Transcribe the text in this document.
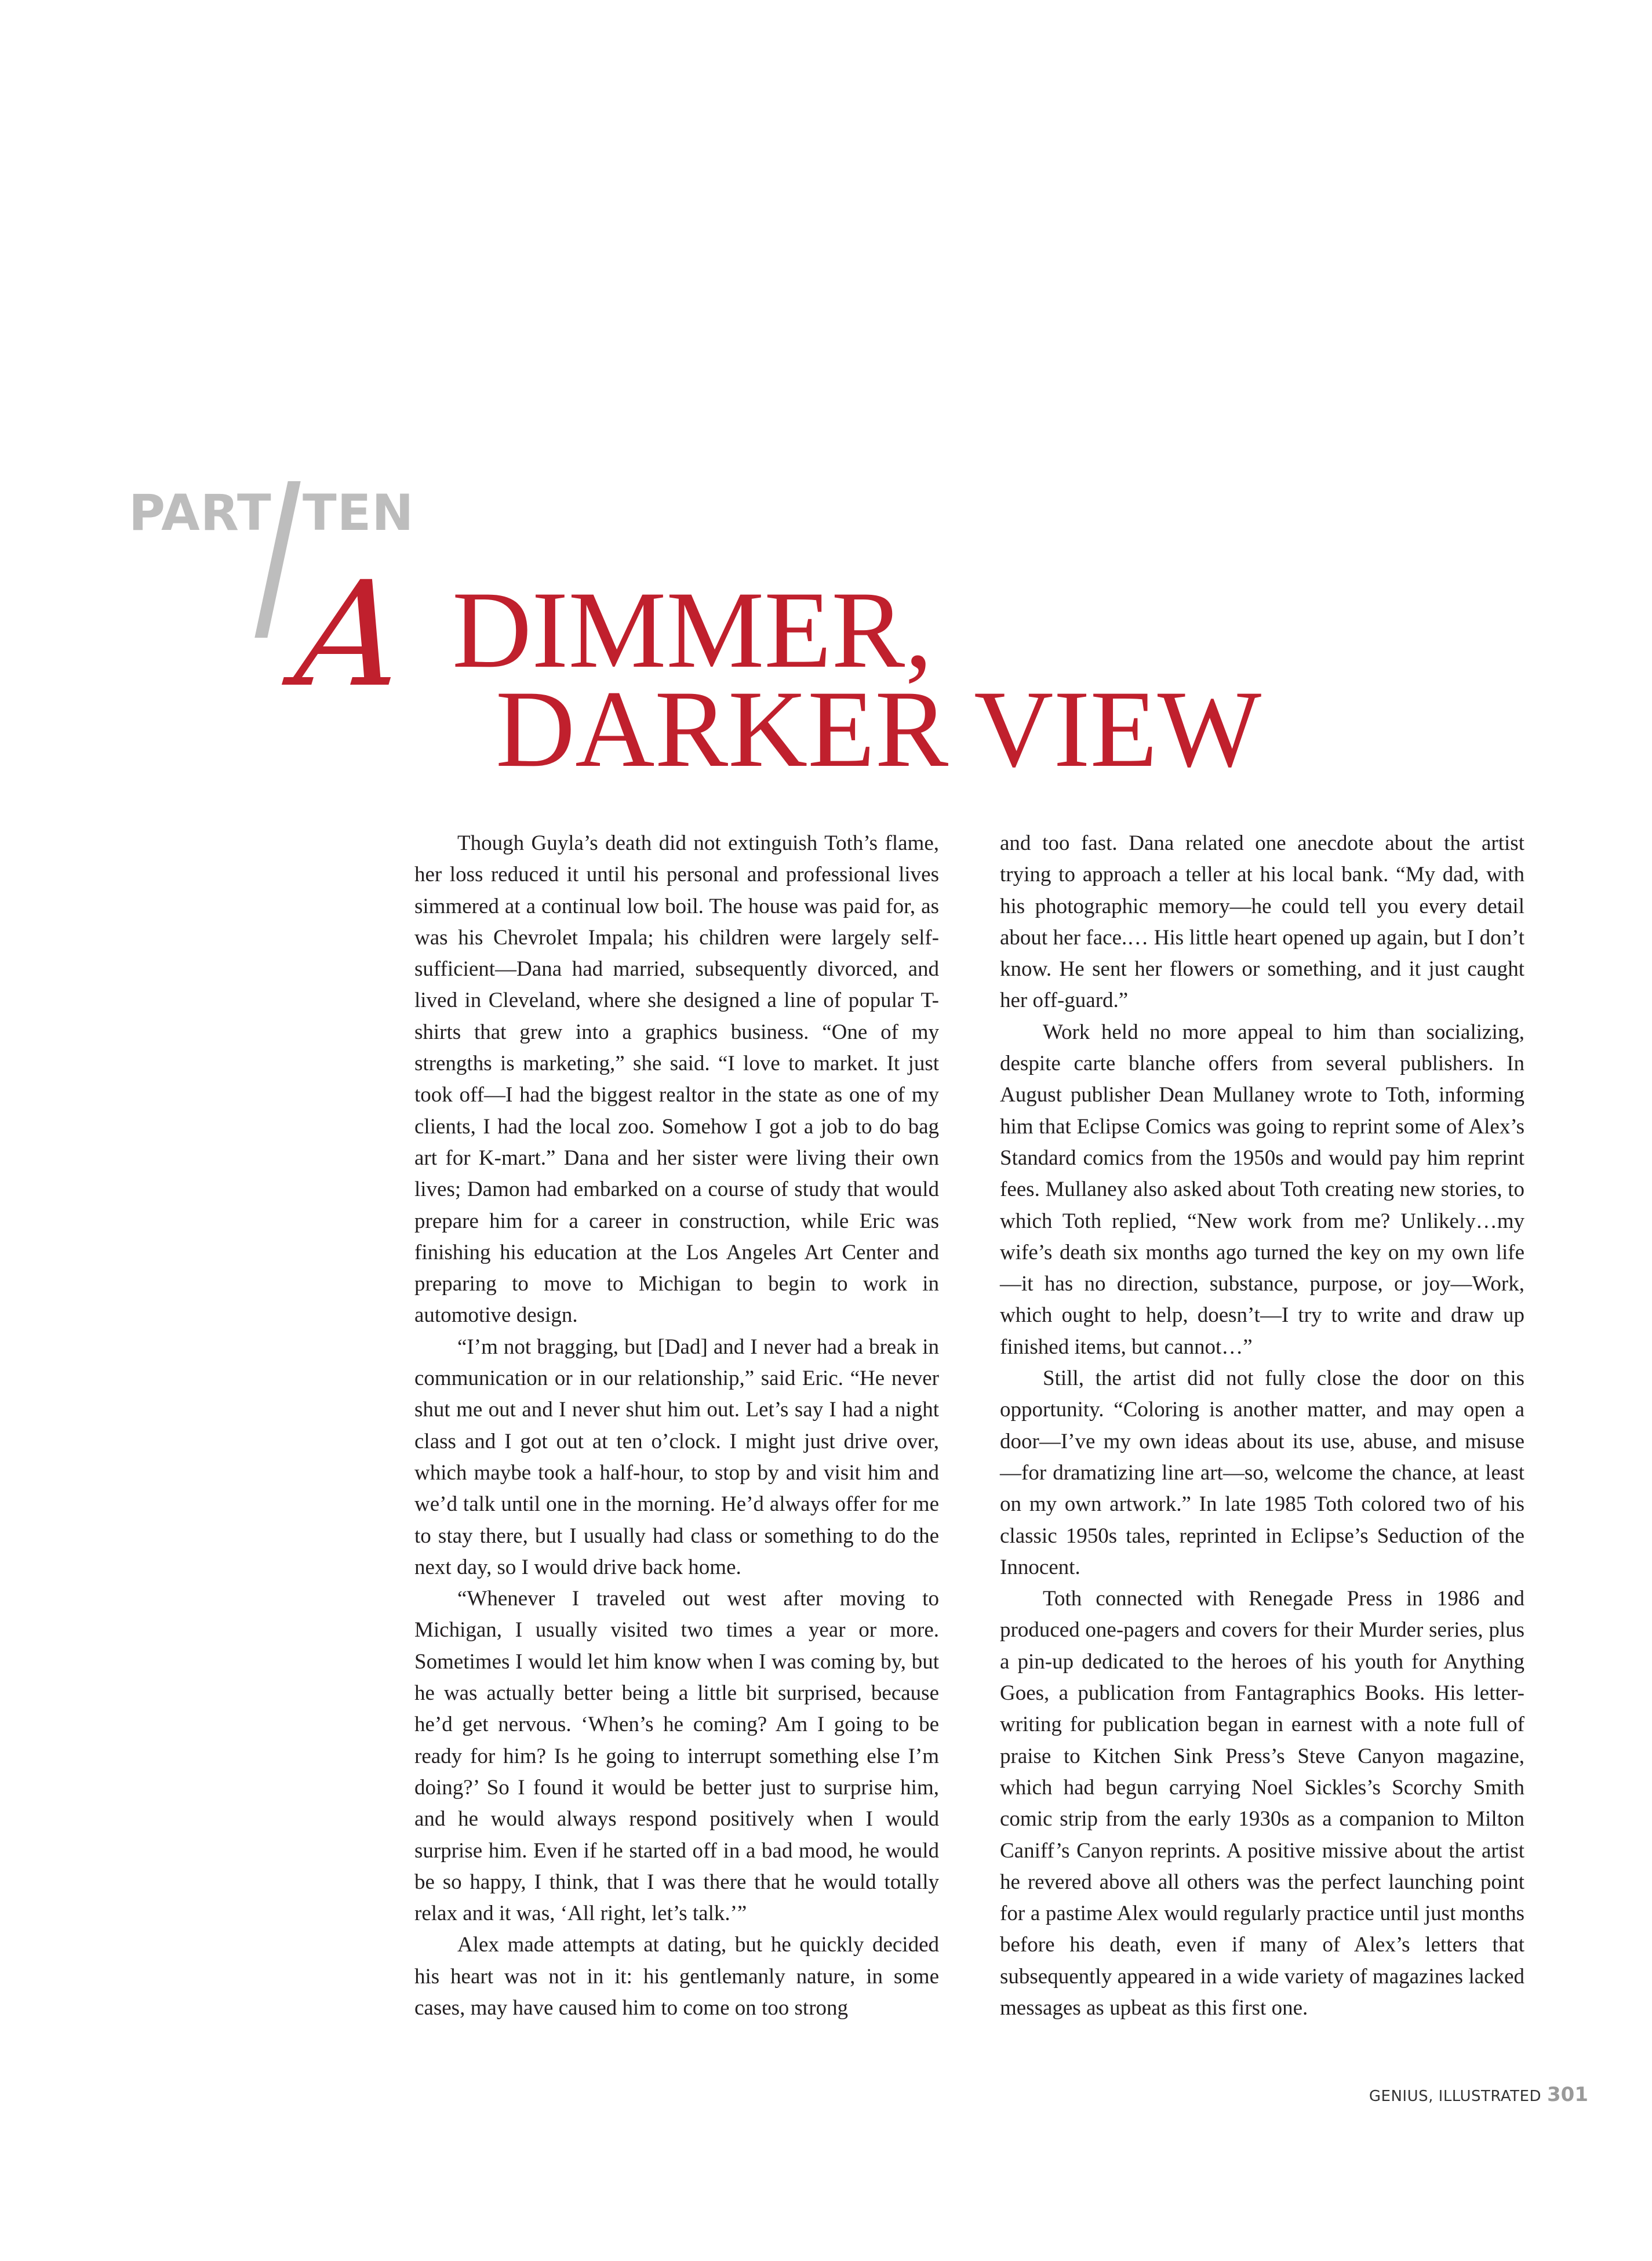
PART TEN
A DIMMER,
DARKER VIEW

Though Guyla’s death did not extinguish Toth’s flame, her loss reduced it until his personal and professional lives simmered at a continual low boil. The house was paid for, as was his Chevrolet Impala; his children were largely self-sufficient—Dana had married, subsequently divorced, and lived in Cleveland, where she designed a line of popular T-shirts that grew into a graphics business. “One of my strengths is marketing,” she said. “I love to market. It just took off—I had the biggest realtor in the state as one of my clients, I had the local zoo. Somehow I got a job to do bag art for K-mart.” Dana and her sister were living their own lives; Damon had embarked on a course of study that would prepare him for a career in construction, while Eric was finishing his education at the Los Angeles Art Center and preparing to move to Michigan to begin to work in automotive design.

“I’m not bragging, but [Dad] and I never had a break in communication or in our relationship,” said Eric. “He never shut me out and I never shut him out. Let’s say I had a night class and I got out at ten o’clock. I might just drive over, which maybe took a half-hour, to stop by and visit him and we’d talk until one in the morning. He’d always offer for me to stay there, but I usually had class or something to do the next day, so I would drive back home.

“Whenever I traveled out west after moving to Michigan, I usually visited two times a year or more. Sometimes I would let him know when I was coming by, but he was actually better being a little bit surprised, because he’d get nervous. ‘When’s he coming? Am I going to be ready for him? Is he going to interrupt something else I’m doing?’ So I found it would be better just to surprise him, and he would always respond positively when I would surprise him. Even if he started off in a bad mood, he would be so happy, I think, that I was there that he would totally relax and it was, ‘All right, let’s talk.’”

Alex made attempts at dating, but he quickly decided his heart was not in it: his gentlemanly nature, in some cases, may have caused him to come on too strong

and too fast. Dana related one anecdote about the artist trying to approach a teller at his local bank. “My dad, with his photographic memory—he could tell you every detail about her face.… His little heart opened up again, but I don’t know. He sent her flowers or something, and it just caught her off-guard.”

Work held no more appeal to him than socializing, despite carte blanche offers from several publishers. In August publisher Dean Mullaney wrote to Toth, informing him that Eclipse Comics was going to reprint some of Alex’s Standard comics from the 1950s and would pay him reprint fees. Mullaney also asked about Toth creating new stories, to which Toth replied, “New work from me? Unlikely…my wife’s death six months ago turned the key on my own life —it has no direction, substance, purpose, or joy—Work, which ought to help, doesn’t—I try to write and draw up finished items, but cannot…”

Still, the artist did not fully close the door on this opportunity. “Coloring is another matter, and may open a door—I’ve my own ideas about its use, abuse, and misuse —for dramatizing line art—so, welcome the chance, at least on my own artwork.” In late 1985 Toth colored two of his classic 1950s tales, reprinted in Eclipse’s Seduction of the Innocent.

Toth connected with Renegade Press in 1986 and produced one-pagers and covers for their Murder series, plus a pin-up dedicated to the heroes of his youth for Anything Goes, a publication from Fantagraphics Books. His letter-writing for publication began in earnest with a note full of praise to Kitchen Sink Press’s Steve Canyon magazine, which had begun carrying Noel Sickles’s Scorchy Smith comic strip from the early 1930s as a companion to Milton Caniff’s Canyon reprints. A positive missive about the artist he revered above all others was the perfect launching point for a pastime Alex would regularly practice until just months before his death, even if many of Alex’s letters that subsequently appeared in a wide variety of magazines lacked messages as upbeat as this first one.

GENIUS, ILLUSTRATED 301
